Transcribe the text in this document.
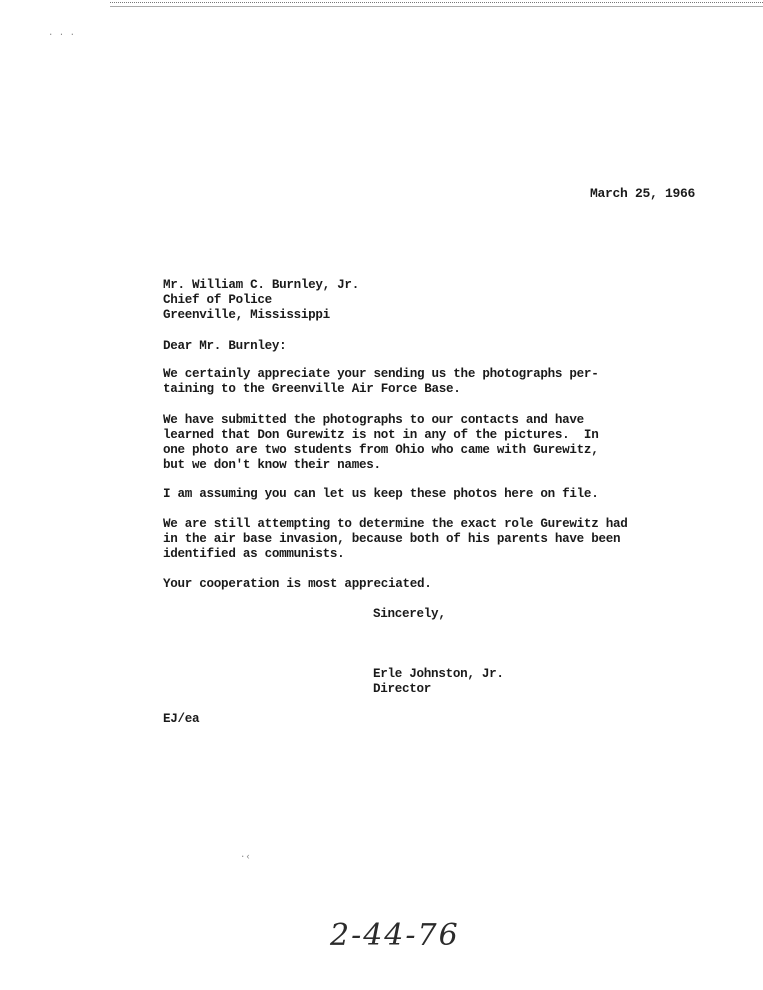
· · ·
·‹
March 25, 1966
Mr. William C. Burnley, Jr.
Chief of Police
Greenville, Mississippi
Dear Mr. Burnley:
We certainly appreciate your sending us the photographs per-
taining to the Greenville Air Force Base.
We have submitted the photographs to our contacts and have
learned that Don Gurewitz is not in any of the pictures.  In
one photo are two students from Ohio who came with Gurewitz,
but we don't know their names.
I am assuming you can let us keep these photos here on file.
We are still attempting to determine the exact role Gurewitz had
in the air base invasion, because both of his parents have been
identified as communists.
Your cooperation is most appreciated.
Sincerely,
Erle Johnston, Jr.
Director
EJ/ea
2-44-76
